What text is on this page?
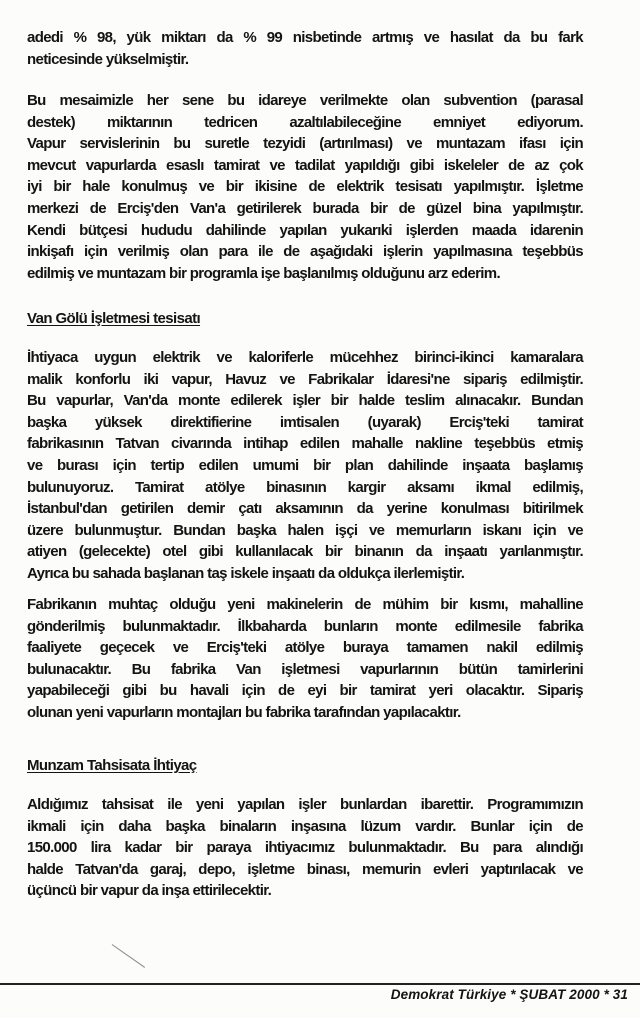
adedi % 98, yük miktarı da % 99 nisbetinde artmış ve hasılat da bu fark
neticesinde yükselmiştir.
Bu mesaimizle her sene bu idareye verilmekte olan subvention (parasal
destek) miktarının tedricen azaltılabileceğine emniyet ediyorum.
Vapur servislerinin bu suretle tezyidi (artırılması) ve muntazam ifası için
mevcut vapurlarda esaslı tamirat ve tadilat yapıldığı gibi iskeleler de az çok
iyi bir hale konulmuş ve bir ikisine de elektrik tesisatı yapılmıştır. İşletme
merkezi de Erciş'den Van'a getirilerek burada bir de güzel bina yapılmıştır.
Kendi bütçesi hududu dahilinde yapılan yukarıki işlerden maada idarenin
inkişafı için verilmiş olan para ile de aşağıdaki işlerin yapılmasına teşebbüs
edilmiş ve muntazam bir programla işe başlanılmış olduğunu arz ederim.
Van Gölü İşletmesi tesisatı
İhtiyaca uygun elektrik ve kaloriferle mücehhez birinci-ikinci kamaralara
malik konforlu iki vapur, Havuz ve Fabrikalar İdaresi'ne sipariş edilmiştir.
Bu vapurlar, Van'da monte edilerek işler bir halde teslim alınacakır. Bundan
başka yüksek direktifierine imtisalen (uyarak) Erciş'teki tamirat
fabrikasının Tatvan civarında intihap edilen mahalle nakline teşebbüs etmiş
ve burası için tertip edilen umumi bir plan dahilinde inşaata başlamış
bulunuyoruz. Tamirat atölye binasının kargir aksamı ikmal edilmiş,
İstanbul'dan getirilen demir çatı aksamının da yerine konulması bitirilmek
üzere bulunmuştur. Bundan başka halen işçi ve memurların iskanı için ve
atiyen (gelecekte) otel gibi kullanılacak bir binanın da inşaatı yarılanmıştır.
Ayrıca bu sahada başlanan taş iskele inşaatı da oldukça ilerlemiştir.
Fabrikanın muhtaç olduğu yeni makinelerin de mühim bir kısmı, mahalline
gönderilmiş bulunmaktadır. İlkbaharda bunların monte edilmesile fabrika
faaliyete geçecek ve Erciş'teki atölye buraya tamamen nakil edilmiş
bulunacaktır. Bu fabrika Van işletmesi vapurlarının bütün tamirlerini
yapabileceği gibi bu havali için de eyi bir tamirat yeri olacaktır. Sipariş
olunan yeni vapurların montajları bu fabrika tarafından yapılacaktır.
Munzam Tahsisata İhtiyaç
Aldığımız tahsisat ile yeni yapılan işler bunlardan ibarettir. Programımızın
ikmali için daha başka binaların inşasına lüzum vardır. Bunlar için de
150.000 lira kadar bir paraya ihtiyacımız bulunmaktadır. Bu para alındığı
halde Tatvan'da garaj, depo, işletme binası, memurin evleri yaptırılacak ve
üçüncü bir vapur da inşa ettirilecektir.
Demokrat Türkiye * ŞUBAT 2000 * 31
